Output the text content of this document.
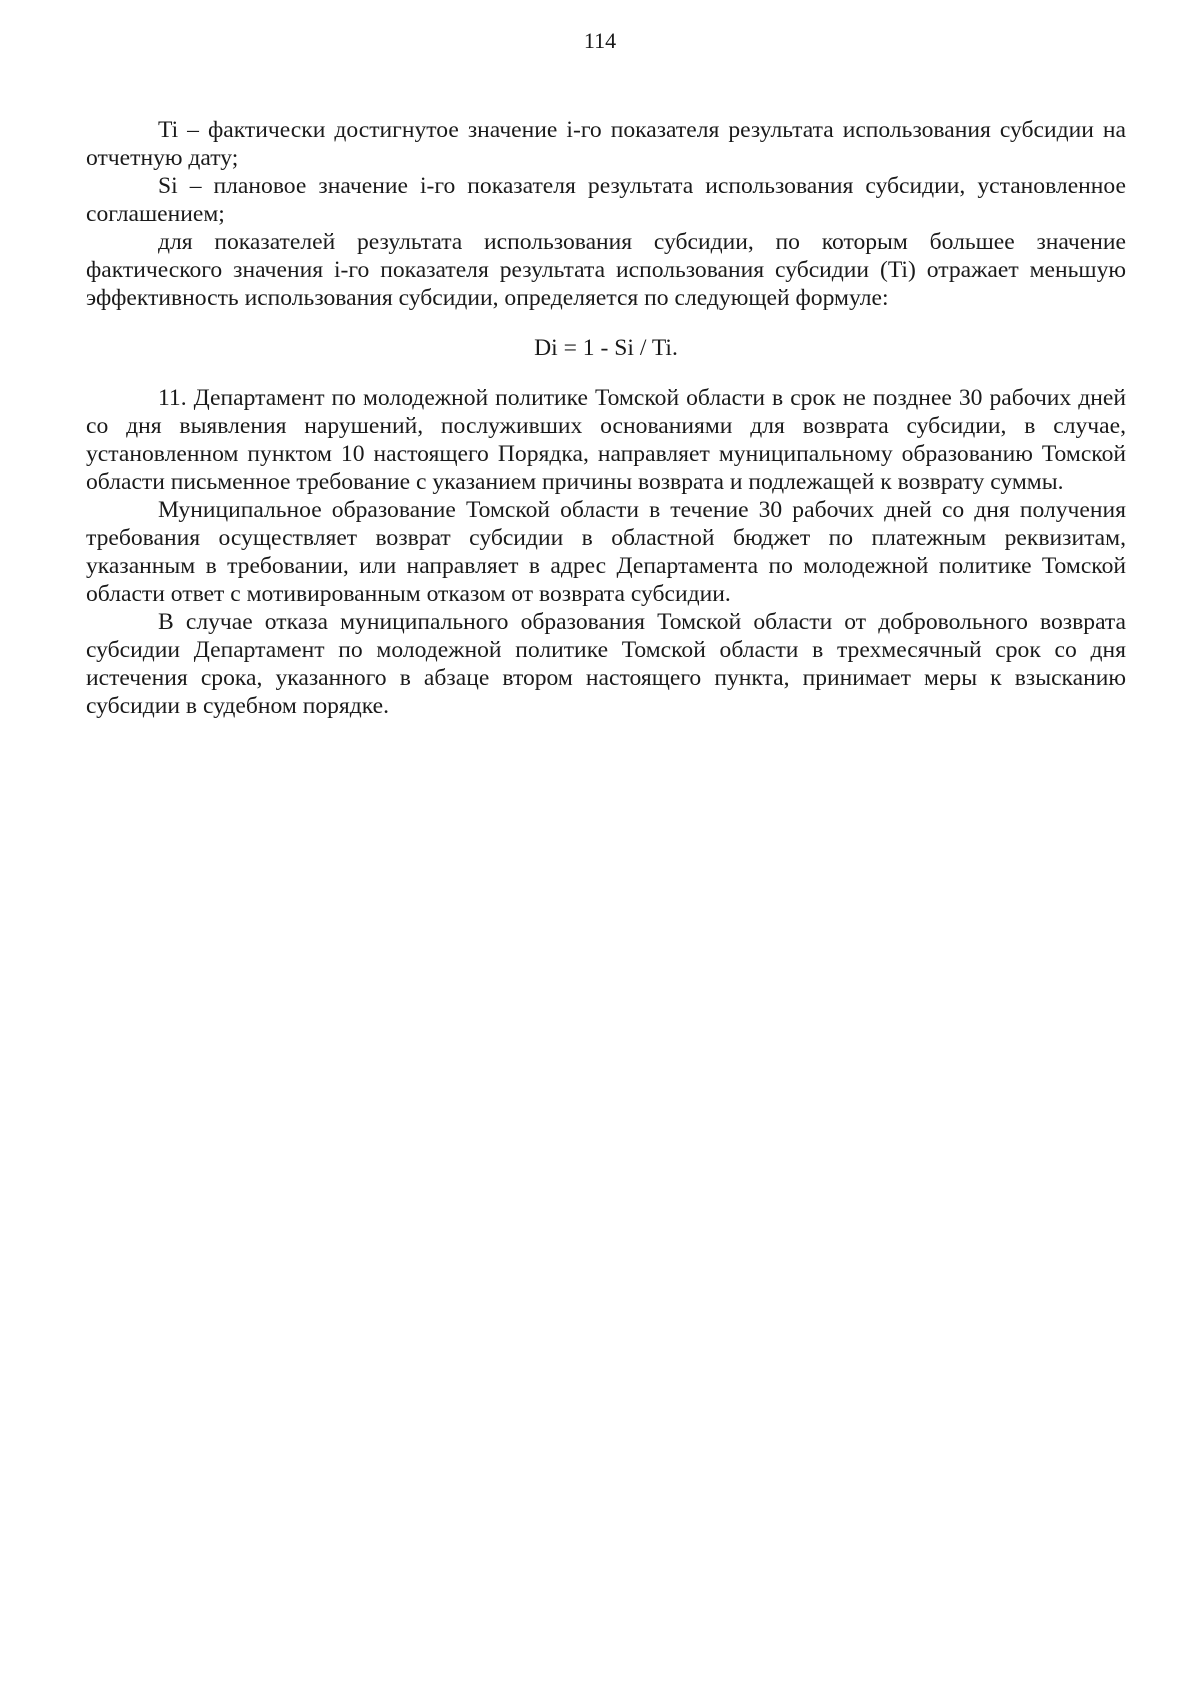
114

Ti – фактически достигнутое значение i-го показателя результата использования субсидии на отчетную дату;

Si – плановое значение i-го показателя результата использования субсидии, установленное соглашением;

для показателей результата использования субсидии, по которым большее значение фактического значения i-го показателя результата использования субсидии (Ti) отражает меньшую эффективность использования субсидии, определяется по следующей формуле:

Di = 1 - Si / Ti.

11. Департамент по молодежной политике Томской области в срок не позднее 30 рабочих дней со дня выявления нарушений, послуживших основаниями для возврата субсидии, в случае, установленном пунктом 10 настоящего Порядка, направляет муниципальному образованию Томской области письменное требование с указанием причины возврата и подлежащей к возврату суммы.

Муниципальное образование Томской области в течение 30 рабочих дней со дня получения требования осуществляет возврат субсидии в областной бюджет по платежным реквизитам, указанным в требовании, или направляет в адрес Департамента по молодежной политике Томской области ответ с мотивированным отказом от возврата субсидии.

В случае отказа муниципального образования Томской области от добровольного возврата субсидии Департамент по молодежной политике Томской области в трехмесячный срок со дня истечения срока, указанного в абзаце втором настоящего пункта, принимает меры к взысканию субсидии в судебном порядке.
